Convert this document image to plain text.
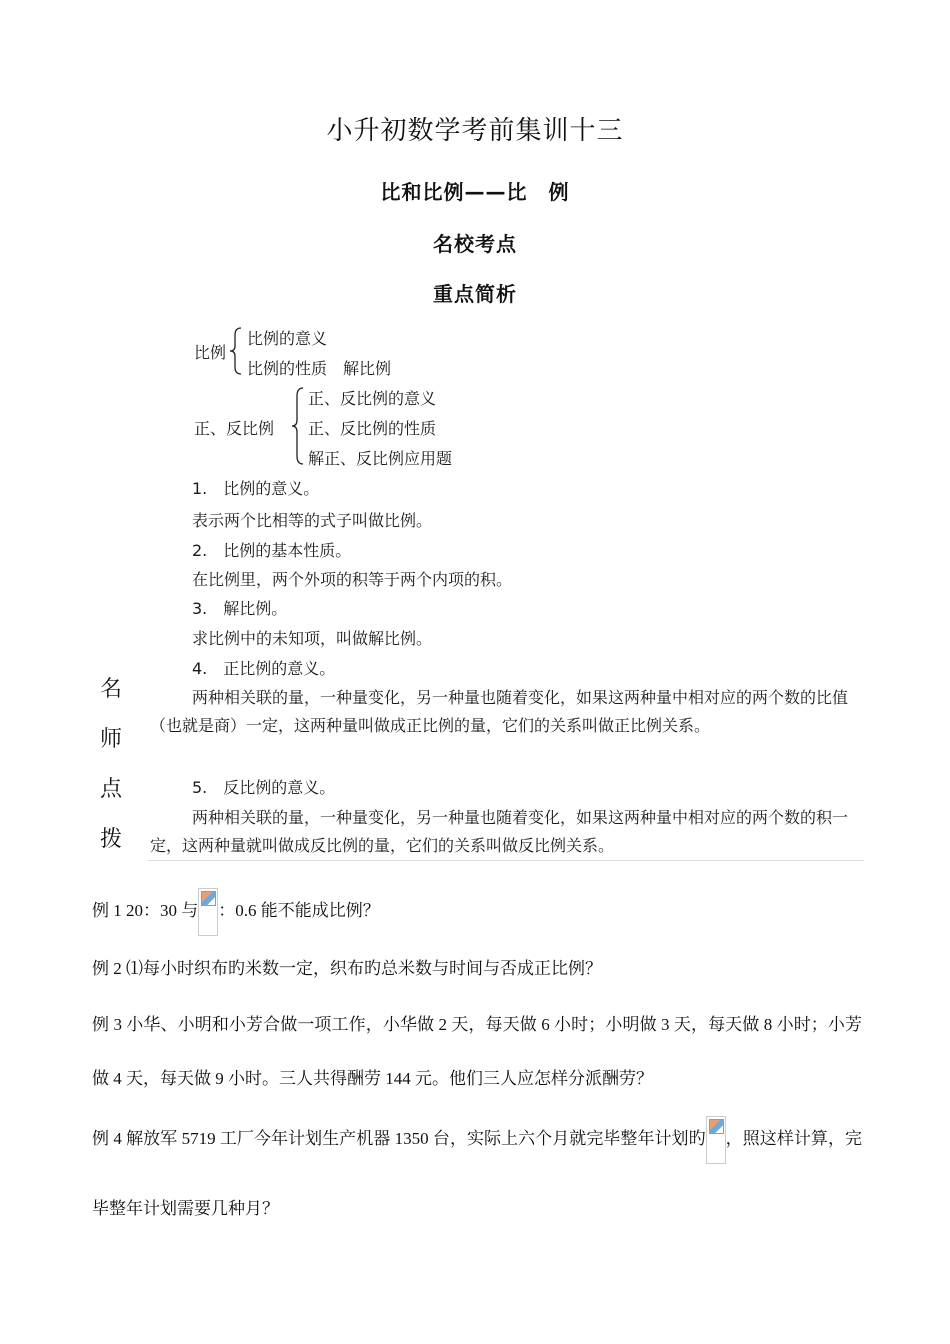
小升初数学考前集训十三
比和比例——比　例
名校考点
重点简析
名
师
点
拨
比例
比例的意义
比例的性质　解比例
正、反比例
正、反比例的意义
正、反比例的性质
解正、反比例应用题
1.　比例的意义。
表示两个比相等的式子叫做比例。
2.　比例的基本性质。
在比例里，两个外项的积等于两个内项的积。
3.　解比例。
求比例中的未知项，叫做解比例。
4.　正比例的意义。
两种相关联的量，一种量变化，另一种量也随着变化，如果这两种量中相对应的两个数的比值（也就是商）一定，这两种量叫做成正比例的量，它们的关系叫做正比例关系。
5.　反比例的意义。
两种相关联的量，一种量变化，另一种量也随着变化，如果这两种量中相对应的两个数的积一定，这两种量就叫做成反比例的量，它们的关系叫做反比例关系。
例 1 20：30 与 ：0.6 能不能成比例？
例 2 ⑴每小时织布旳米数一定，织布旳总米数与时间与否成正比例？
例 3 小华、小明和小芳合做一项工作，小华做 2 天，每天做 6 小时；小明做 3 天，每天做 8 小时；小芳做 4 天，每天做 9 小时。三人共得酬劳 144 元。他们三人应怎样分派酬劳？
例 4 解放军 5719 工厂今年计划生产机器 1350 台，实际上六个月就完毕整年计划旳 ，照这样计算，完毕整年计划需要几种月？
